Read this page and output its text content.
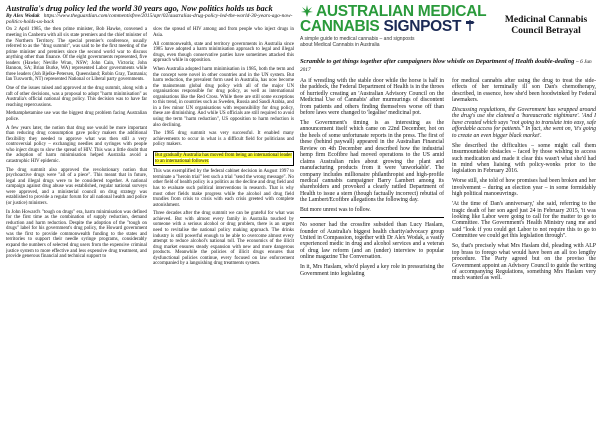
Australia's drug policy led the world 30 years ago, Now politics holds us back

By Alex Wodak https://www.theguardian.com/commentisfree/2015/apr/02/australias-drug-policy-led-the-world-30-years-ago-now-politics-holds-us-back

On 2 April 1985, the then prime minister, Bob Hawke, convened a meeting in Canberra with all six state premiers and the chief minister of the Northern Territory. The special premier's conference, usually referred to as the "drug summit", was said to be the first meeting of the prime minister and premiers since the second world war to discuss anything other than finance. Of the eight governments represented, five leaders (Hawke; Neville Wran, NSW; John Cain, Victoria; John Bannon, SA; Brian Burke, WA) represented Labor governments while three leaders (Joh Bjelke-Petersen, Queensland; Robin Gray, Tasmania; Ian Tuxworth, NT) represented National or Liberal party governments.

One of the issues raised and approved at the drug summit, along with a raft of other decisions, was a proposal to adopt "harm minimisation" as Australia's official national drug policy. This decision was to have far reaching repercussions.

Methamphetamine use was the biggest drug problem facing Australian police.

A few years later, the notion that drug use would be more important than reducing drug consumption gave policy makers the additional flexibility they needed to approve what was then still a very controversial policy – exchanging needles and syringes with people who inject drugs to slow the spread of HIV. This was a little doubt that the adoption of harm minimisation helped Australia avoid a catastrophic HIV epidemic.

The drug summit also approved the revolutionary notion that psychoactive drugs were "all of a piece". This meant that in future, legal and illegal drugs were to be considered together. A national campaign against drug abuse was established, regular national surveys were approved, and a ministerial council on drug strategy was established to provide a regular forum for all national health and police (or justice) ministers.

In John Howard's "tough on drugs" era, harm minimisation was defined for the first time as the combination of supply reduction, demand reduction and harm reduction. Despite the adoption of the "tough on drugs" label for his government's drug policy, the Howard government was the first to provide commonwealth funding to the states and territories to support their needle syringe programs, considerably expand the numbers of selected drug users from the expensive criminal justice system to more effective and less expensive drug treatment, and provide generous financial and technical support to

slow the spread of HIV among and from people who inject drugs in Asia.

All commonwealth, state and territory governments in Australia since 1985 have adopted a harm minimisation approach to legal and illegal drugs, even though conservative parties have sometimes attacked this approach while in opposition.

When Australia adopted harm minimisation in 1985, both the term and the concept were novel in other countries and in the UN system. But harm reduction, the prevalent form used in Australia, has now become the mainstream global drug policy with all of the major UN organisations responsible for drug policy, as well as international organisations like the Red Cross. While there are still some exceptions to this trend, in countries such as Sweden, Russia and Saudi Arabia, and in a few minor UN organisations with responsibility for drug policy, these are diminishing. And while US officials are still required to avoid using the term "harm reduction", US opposition to harm reduction is also declining.

The 1985 drug summit was very successful. It enabled many achievements to occur in what is a difficult field for politicians and policy makers.

But gradually Australia has moved from being an international leader to an international follower.

This was exemplified by the federal cabinet decision in August 1997 to terminate a "heroin trial" lest such a trial "send the wrong message". No other field of health policy is a politics as the decline and drug field and has to evaluate such political interventions in research. That is why most other fields make progress while the alcohol and drug field trundles from crisis to crisis with each crisis greeted with complete astonishment.

Three decades after the drug summit we can be grateful for what was achieved. But with almost every family in Australia touched by someone with a serious alcohol or drug problem, there is an urgent need to revitalise the national policy making approach. The drinks industry is still powerful enough to be able to overcome almost every attempt to reduce alcohol's national toll. The economics of the illicit drug market ensures steady expansion with new and more dangerous products. Meanwhile the policies of illicit drugs ensures that dysfunctional policies continue, every focused on law enforcement accompanied by a languishing drug treatments system.

AUSTRALIAN MEDICAL
CANNABIS SIGNPOST
A simple guide to medical cannabis – and signposts
about Medical Cannabis in Australia
Medicinal Cannabis
Council Betrayal

Scramble to get things together after campaigners blow whistle on Department of Health double-dealing ~ 6 Jun 2017

As if wrestling with the stable door while the horse is half in the paddock, the Federal Department of Health is in the throes of hurriedly creating an 'Australian Advisory Council on the Medicinal Use of Cannabis' after murmurings of discontent from patients and others finding themselves worse off than before laws were changed to 'legalise' medicinal pot.

The Government's timing is as interesting as the announcement itself which came on 22nd December, hot on the heels of some unfortunate reports in the press. The first of these (behind paywall) appeared in the Australian Financial Review on 4th December and described how the industrial hemp firm Ecofibre had moved operations to the US amid claims Australian rules about growing the plant and manufacturing products from it were 'unworkable'. The company includes millionaire philanthropist and high-profile medical cannabis campaigner Barry Lambert among its shareholders and provoked a clearly rattled Department of Health to issue a stern (though factually incorrect) rebuttal of the Lambert/Ecofibre allegations the following day.

But more unrest was to follow.

No sooner had the crossfire subsided than Lucy Haslam, founder of Australia's biggest health charity/advocacy group United in Compassion, together with Dr Alex Wodak, a vastly experienced medic in drug and alcohol services and a veteran of drug law reform (and an (under) interview to popular online magazine The Conversation.

In it, Mrs Haslam, who'd played a key role in pressurising the Government into legislating

for medical cannabis after using the drug to treat the side-effects of her terminally ill son Dan's chemotherapy, described, in essence, how she'd been hoodwinked by Federal lawmakers.

Discussing regulations, the Government has wrapped around the drug's use she claimed a 'bureaucratic nightmare'. 'And I have created which says "not going to translate into easy, safe affordable access for patients." In fact, she went on, 'it's going to create an even bigger black market'.

She described the difficulties – some might call them insurmountable obstacles – faced by those wishing to access such medication and made it clear this wasn't what she'd had in mind when liaising with policy-wonks prior to the legislation in February 2016.

Worse still, she told of how promises had been broken and her involvement – during an election year – in some formidably high political manoeuvrings.

'At the time of Dan's anniversary,' she said, referring to the tragic death of her son aged just 24 in February 2015, 'it was looking like Labor were going to call for the matter to go to Committee. The Government's Health Ministry rang me and said "look if you could get Labor to not require this to go to Committee we could get this legislation through".

So, that's precisely what Mrs Haslam did, pleading with ALP top brass to forego what would have been an all too lengthy procedure. The Party agreed but on the proviso the Government appoint an Advisory Council to guide the writing of accompanying Regulations, something Mrs Haslam very much wanted as well.
